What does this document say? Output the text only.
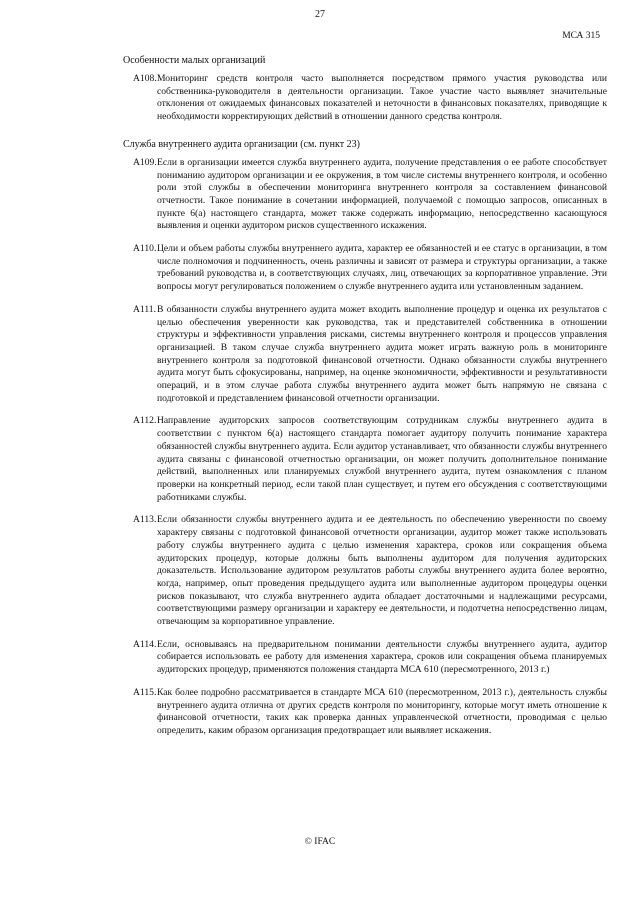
27
МСА 315
Особенности малых организаций
A108. Мониторинг средств контроля часто выполняется посредством прямого участия руководства или собственника-руководителя в деятельности организации. Такое участие часто выявляет значительные отклонения от ожидаемых финансовых показателей и неточности в финансовых показателях, приводящие к необходимости корректирующих действий в отношении данного средства контроля.
Служба внутреннего аудита организации (см. пункт 23)
A109. Если в организации имеется служба внутреннего аудита, получение представления о ее работе способствует пониманию аудитором организации и ее окружения, в том числе системы внутреннего контроля, и особенно роли этой службы в обеспечении мониторинга внутреннего контроля за составлением финансовой отчетности. Такое понимание в сочетании информацией, получаемой с помощью запросов, описанных в пункте 6(а) настоящего стандарта, может также содержать информацию, непосредственно касающуюся выявления и оценки аудитором рисков существенного искажения.
A110. Цели и объем работы службы внутреннего аудита, характер ее обязанностей и ее статус в организации, в том числе полномочия и подчиненность, очень различны и зависят от размера и структуры организации, а также требований руководства и, в соответствующих случаях, лиц, отвечающих за корпоративное управление. Эти вопросы могут регулироваться положением о службе внутреннего аудита или установленным заданием.
A111. В обязанности службы внутреннего аудита может входить выполнение процедур и оценка их результатов с целью обеспечения уверенности как руководства, так и представителей собственника в отношении структуры и эффективности управления рисками, системы внутреннего контроля и процессов управления организацией. В таком случае служба внутреннего аудита может играть важную роль в мониторинге внутреннего контроля за подготовкой финансовой отчетности. Однако обязанности службы внутреннего аудита могут быть сфокусированы, например, на оценке экономичности, эффективности и результативности операций, и в этом случае работа службы внутреннего аудита может быть напрямую не связана с подготовкой и представлением финансовой отчетности организации.
A112. Направление аудиторских запросов соответствующим сотрудникам службы внутреннего аудита в соответствии с пунктом 6(а) настоящего стандарта помогает аудитору получить понимание характера обязанностей службы внутреннего аудита. Если аудитор устанавливает, что обязанности службы внутреннего аудита связаны с финансовой отчетностью организации, он может получить дополнительное понимание действий, выполненных или планируемых службой внутреннего аудита, путем ознакомления с планом проверки на конкретный период, если такой план существует, и путем его обсуждения с соответствующими работниками службы.
A113. Если обязанности службы внутреннего аудита и ее деятельность по обеспечению уверенности по своему характеру связаны с подготовкой финансовой отчетности организации, аудитор может также использовать работу службы внутреннего аудита с целью изменения характера, сроков или сокращения объема аудиторских процедур, которые должны быть выполнены аудитором для получения аудиторских доказательств. Использование аудитором результатов работы службы внутреннего аудита более вероятно, когда, например, опыт проведения предыдущего аудита или выполненные аудитором процедуры оценки рисков показывают, что служба внутреннего аудита обладает достаточными и надлежащими ресурсами, соответствующими размеру организации и характеру ее деятельности, и подотчетна непосредственно лицам, отвечающим за корпоративное управление.
A114. Если, основываясь на предварительном понимании деятельности службы внутреннего аудита, аудитор собирается использовать ее работу для изменения характера, сроков или сокращения объема планируемых аудиторских процедур, применяются положения стандарта МСА 610 (пересмотренного, 2013 г.)
A115. Как более подробно рассматривается в стандарте МСА 610 (пересмотренном, 2013 г.), деятельность службы внутреннего аудита отлична от других средств контроля по мониторингу, которые могут иметь отношение к финансовой отчетности, таких как проверка данных управленческой отчетности, проводимая с целью определить, каким образом организация предотвращает или выявляет искажения.
© IFAC
